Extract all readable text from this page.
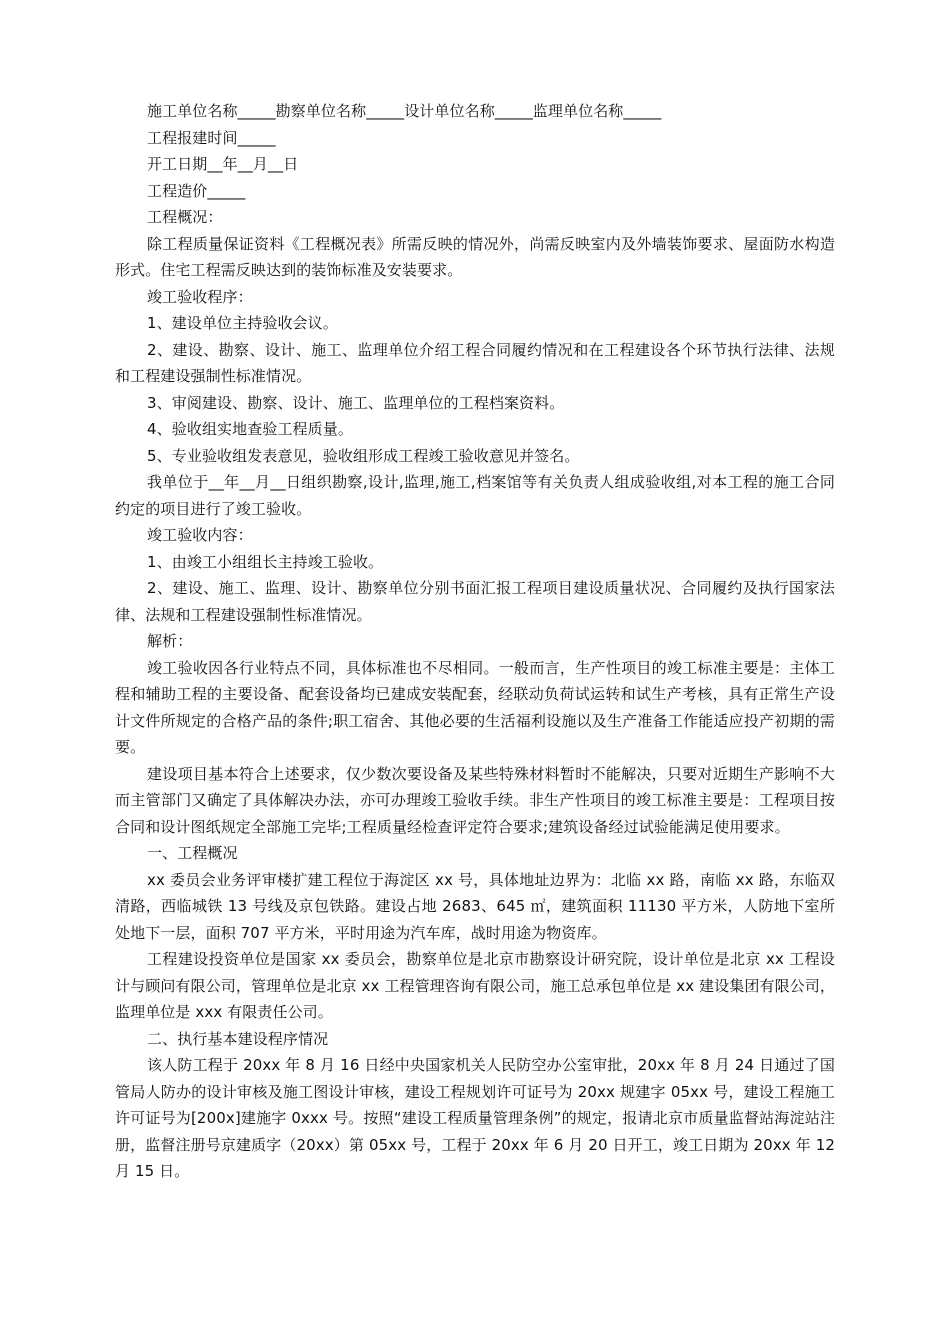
施工单位名称_____勘察单位名称_____设计单位名称_____监理单位名称_____

工程报建时间_____

开工日期__年__月__日

工程造价_____

工程概况：

除工程质量保证资料《工程概况表》所需反映的情况外，尚需反映室内及外墙装饰要求、屋面防水构造形式。住宅工程需反映达到的装饰标准及安装要求。

竣工验收程序：

1、建设单位主持验收会议。

2、建设、勘察、设计、施工、监理单位介绍工程合同履约情况和在工程建设各个环节执行法律、法规和工程建设强制性标准情况。

3、审阅建设、勘察、设计、施工、监理单位的工程档案资料。

4、验收组实地查验工程质量。

5、专业验收组发表意见，验收组形成工程竣工验收意见并签名。

我单位于__年__月__日组织勘察,设计,监理,施工,档案馆等有关负责人组成验收组,对本工程的施工合同约定的项目进行了竣工验收。

竣工验收内容：

1、由竣工小组组长主持竣工验收。

2、建设、施工、监理、设计、勘察单位分别书面汇报工程项目建设质量状况、合同履约及执行国家法律、法规和工程建设强制性标准情况。

解析：

竣工验收因各行业特点不同，具体标准也不尽相同。一般而言，生产性项目的竣工标准主要是：主体工程和辅助工程的主要设备、配套设备均已建成安装配套，经联动负荷试运转和试生产考核，具有正常生产设计文件所规定的合格产品的条件;职工宿舍、其他必要的生活福利设施以及生产准备工作能适应投产初期的需要。

建设项目基本符合上述要求，仅少数次要设备及某些特殊材料暂时不能解决，只要对近期生产影响不大而主管部门又确定了具体解决办法，亦可办理竣工验收手续。非生产性项目的竣工标准主要是：工程项目按合同和设计图纸规定全部施工完毕;工程质量经检查评定符合要求;建筑设备经过试验能满足使用要求。

一、工程概况

xx 委员会业务评审楼扩建工程位于海淀区 xx 号，具体地址边界为：北临 xx 路，南临 xx 路，东临双清路，西临城铁 13 号线及京包铁路。建设占地 2683、645 ㎡，建筑面积 11130 平方米，人防地下室所处地下一层，面积 707 平方米，平时用途为汽车库，战时用途为物资库。

工程建设投资单位是国家 xx 委员会，勘察单位是北京市勘察设计研究院，设计单位是北京 xx 工程设计与顾问有限公司，管理单位是北京 xx 工程管理咨询有限公司，施工总承包单位是 xx 建设集团有限公司，监理单位是 xxx 有限责任公司。

二、执行基本建设程序情况

该人防工程于 20xx 年 8 月 16 日经中央国家机关人民防空办公室审批，20xx 年 8 月 24 日通过了国管局人防办的设计审核及施工图设计审核，建设工程规划许可证号为 20xx 规建字 05xx 号，建设工程施工许可证号为[200x]建施字 0xxx 号。按照“建设工程质量管理条例”的规定，报请北京市质量监督站海淀站注册，监督注册号京建质字（20xx）第 05xx 号，工程于 20xx 年 6 月 20 日开工，竣工日期为 20xx 年 12 月 15 日。
